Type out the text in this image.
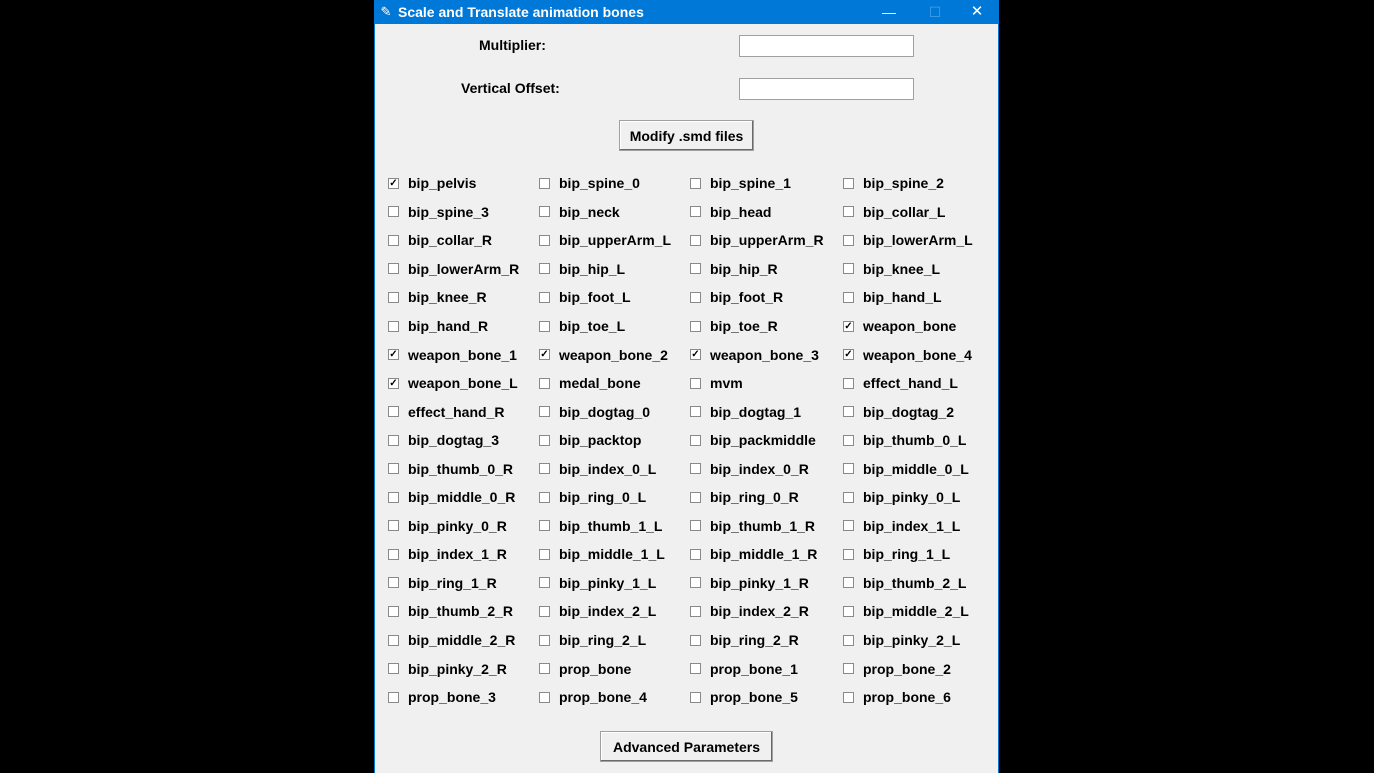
✎ Scale and Translate animation bones	—	☐	✕
Multiplier:
Vertical Offset:
Modify .smd files
✓ bip_pelvis	bip_spine_0	bip_spine_1	bip_spine_2
bip_spine_3	bip_neck	bip_head	bip_collar_L
bip_collar_R	bip_upperArm_L	bip_upperArm_R	bip_lowerArm_L
bip_lowerArm_R	bip_hip_L	bip_hip_R	bip_knee_L
bip_knee_R	bip_foot_L	bip_foot_R	bip_hand_L
bip_hand_R	bip_toe_L	bip_toe_R	✓ weapon_bone
✓ weapon_bone_1 ✓ weapon_bone_2 ✓ weapon_bone_3	✓ weapon_bone_4
✓ weapon_bone_L	medal_bone	mvm	effect_hand_L
effect_hand_R	bip_dogtag_0	bip_dogtag_1	bip_dogtag_2
bip_dogtag_3	bip_packtop	bip_packmiddle	bip_thumb_0_L
bip_thumb_0_R	bip_index_0_L	bip_index_0_R	bip_middle_0_L
bip_middle_0_R	bip_ring_0_L	bip_ring_0_R	bip_pinky_0_L
bip_pinky_0_R	bip_thumb_1_L	bip_thumb_1_R	bip_index_1_L
bip_index_1_R	bip_middle_1_L	bip_middle_1_R	bip_ring_1_L
bip_ring_1_R	bip_pinky_1_L	bip_pinky_1_R	bip_thumb_2_L
bip_thumb_2_R	bip_index_2_L	bip_index_2_R	bip_middle_2_L
bip_middle_2_R	bip_ring_2_L	bip_ring_2_R	bip_pinky_2_L
bip_pinky_2_R	prop_bone	prop_bone_1	prop_bone_2
prop_bone_3	prop_bone_4	prop_bone_5	prop_bone_6
Advanced Parameters
